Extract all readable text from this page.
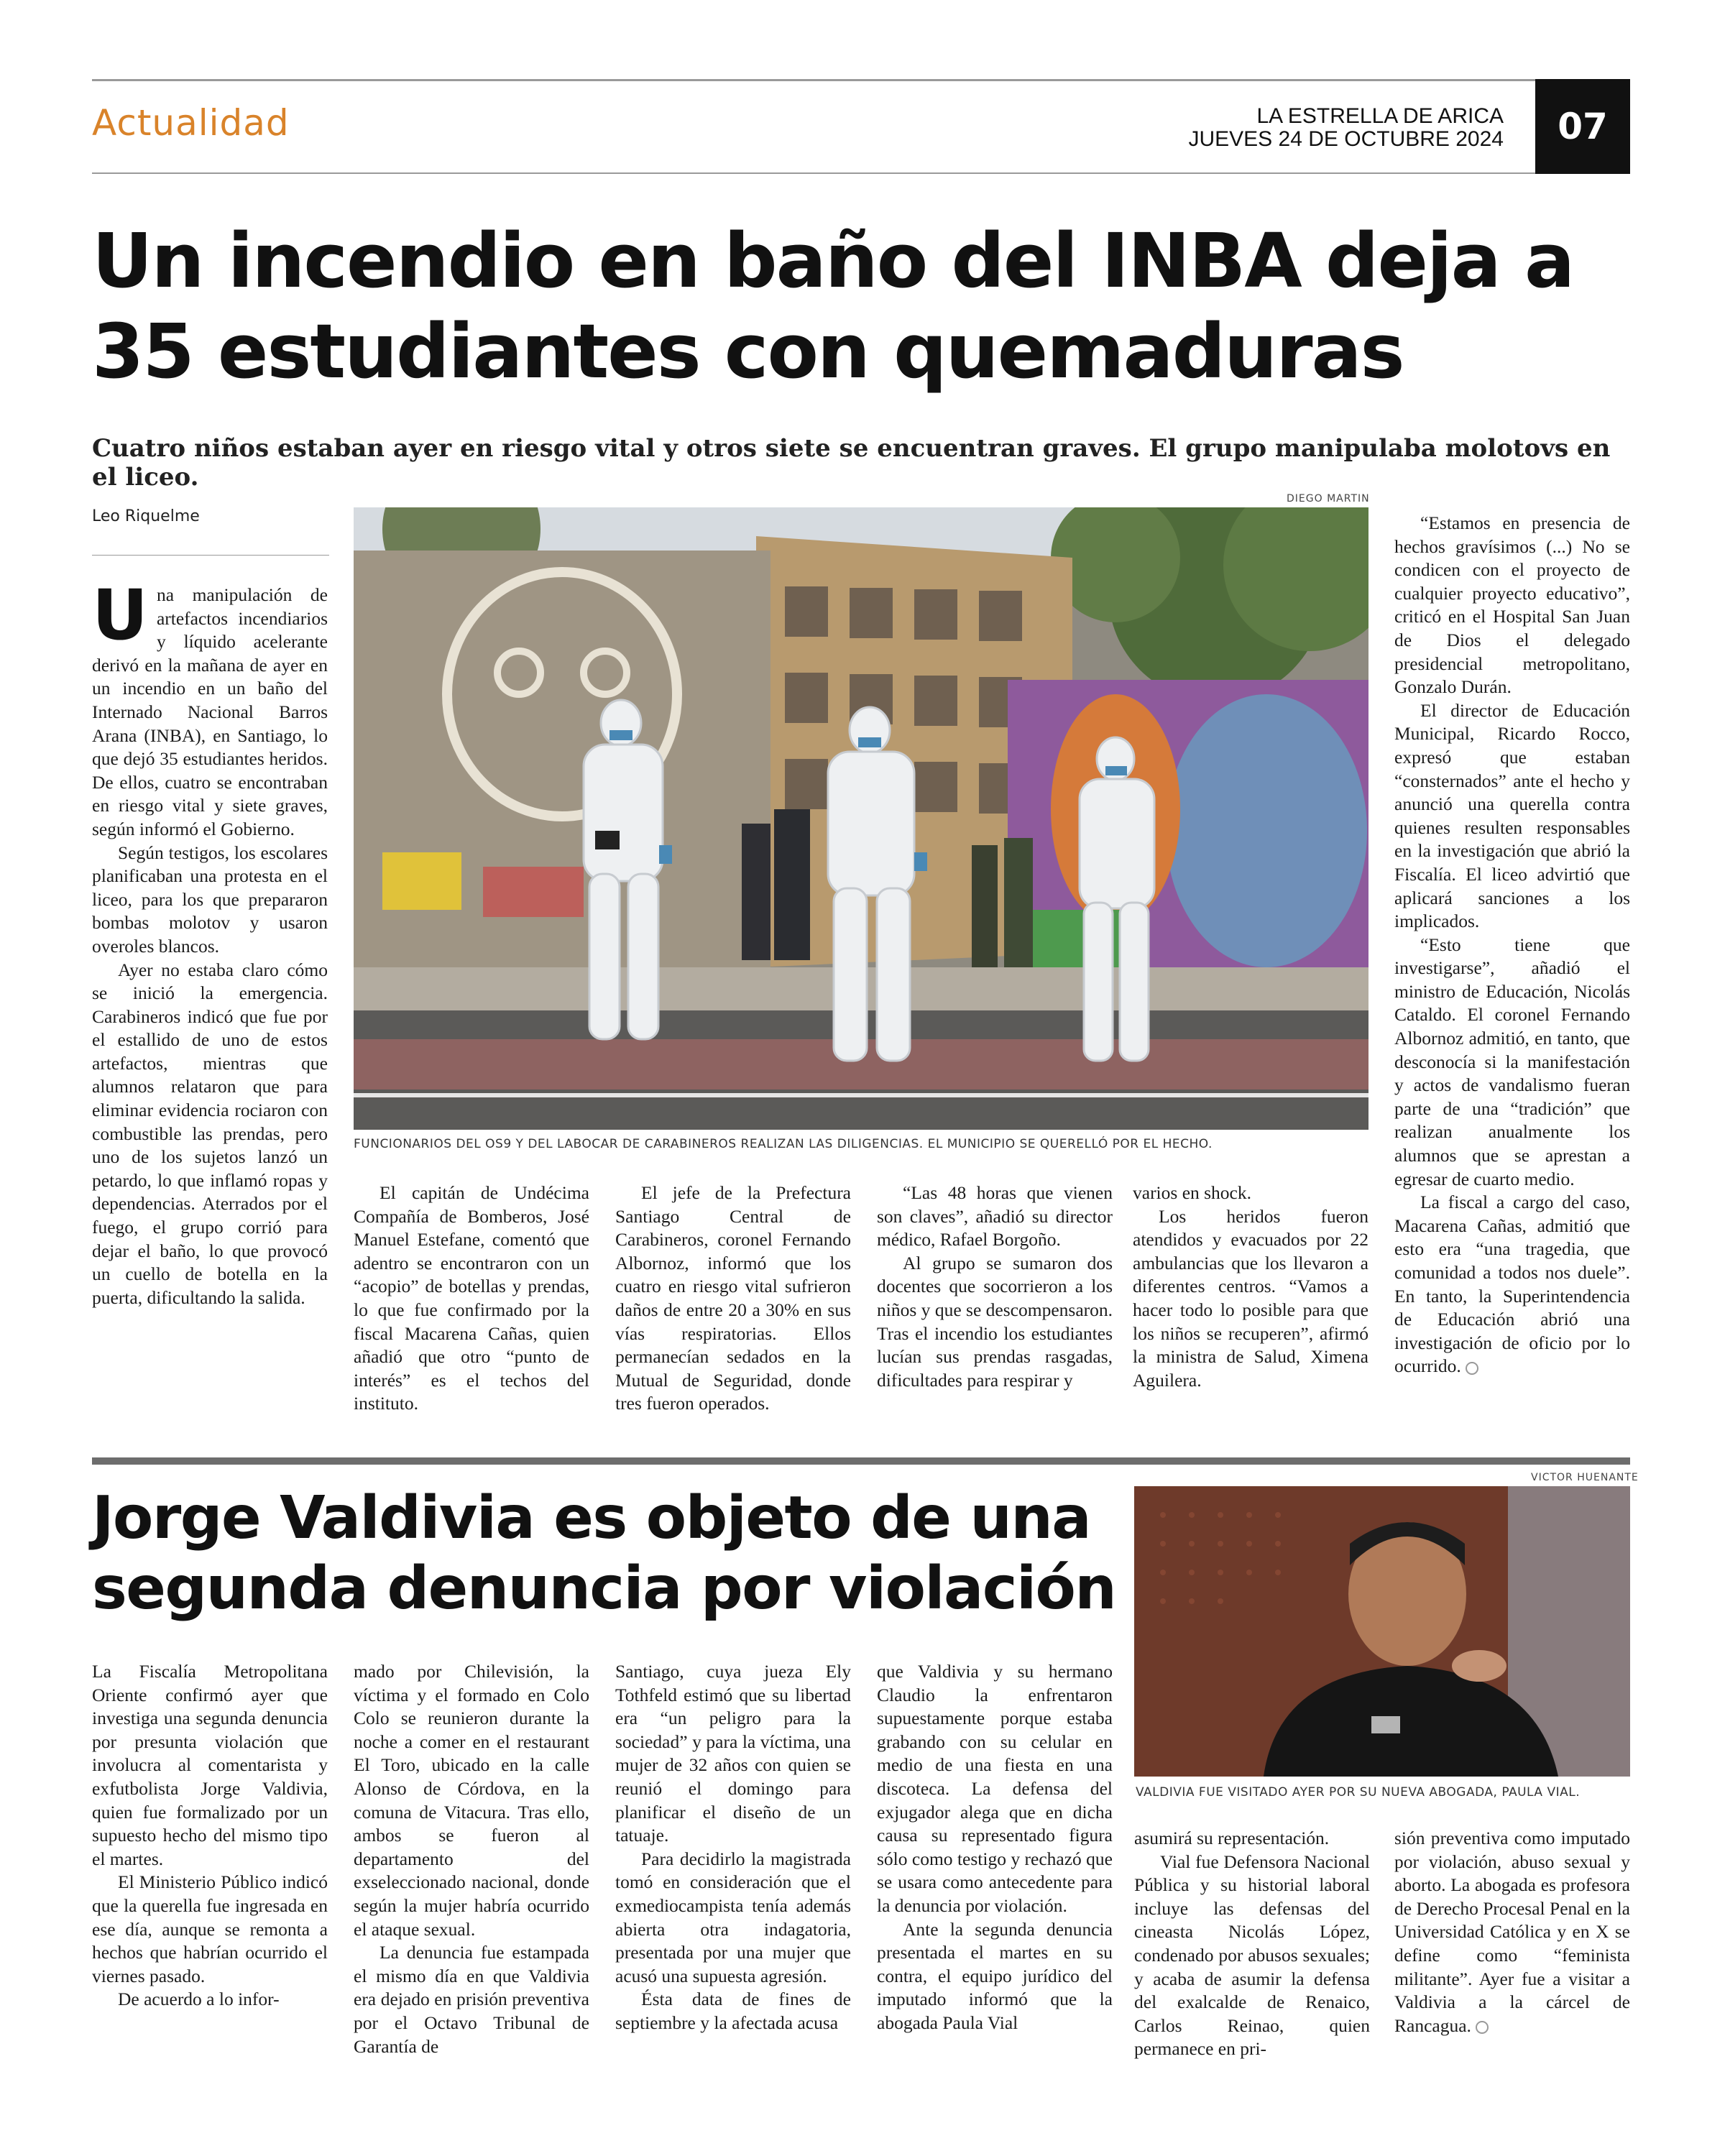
Actualidad	LA ESTRELLA DE ARICA
JUEVES 24 DE OCTUBRE 2024	07
Un incendio en baño del INBA deja a
35 estudiantes con quemaduras
Cuatro niños estaban ayer en riesgo vital y otros siete se encuentran graves. El grupo manipulaba molotovs en el liceo.
Leo Riquelme
DIEGO MARTIN
FUNCIONARIOS DEL OS9 Y DEL LABOCAR DE CARABINEROS REALIZAN LAS DILIGENCIAS. EL MUNICIPIO SE QUERELLÓ POR EL HECHO.
U na manipulación de artefactos incendiarios y líquido acelerante derivó en la mañana de ayer en un incendio en un baño del Internado Nacional Barros Arana (INBA), en Santiago, lo que dejó 35 estudiantes heridos. De ellos, cuatro se encontraban en riesgo vital y siete graves, según informó el Gobierno.

Según testigos, los escolares planificaban una protesta en el liceo, para los que prepararon bombas molotov y usaron overoles blancos.

Ayer no estaba claro cómo se inició la emergencia. Carabineros indicó que fue por el estallido de uno de estos artefactos, mientras que alumnos relataron que para eliminar evidencia rociaron con combustible las prendas, pero uno de los sujetos lanzó un petardo, lo que inflamó ropas y dependencias. Aterrados por el fuego, el grupo corrió para dejar el baño, lo que provocó un cuello de botella en la puerta, dificultando la salida.

El capitán de Undécima Compañía de Bomberos, José Manuel Estefane, comentó que adentro se encontraron con un “acopio” de botellas y prendas, lo que fue confirmado por la fiscal Macarena Cañas, quien añadió que otro “punto de interés” es el techos del instituto.

El jefe de la Prefectura Santiago Central de Carabineros, coronel Fernando Albornoz, informó que los cuatro en riesgo vital sufrieron daños de entre 20 a 30% en sus vías respiratorias. Ellos permanecían sedados en la Mutual de Seguridad, donde tres fueron operados.

“Las 48 horas que vienen son claves”, añadió su director médico, Rafael Borgoño.

Al grupo se sumaron dos docentes que socorrieron a los niños y que se descompensaron. Tras el incendio los estudiantes lucían sus prendas rasgadas, dificultades para respirar y

varios en shock.

Los heridos fueron atendidos y evacuados por 22 ambulancias que los llevaron a diferentes centros. “Vamos a hacer todo lo posible para que los niños se recuperen”, afirmó la ministra de Salud, Ximena Aguilera.

“Estamos en presencia de hechos gravísimos (...) No se condicen con el proyecto de cualquier proyecto educativo”, criticó en el Hospital San Juan de Dios el delegado presidencial metropolitano, Gonzalo Durán.

El director de Educación Municipal, Ricardo Rocco, expresó que estaban “consternados” ante el hecho y anunció una querella contra quienes resulten responsables en la investigación que abrió la Fiscalía. El liceo advirtió que aplicará sanciones a los implicados.

“Esto tiene que investigarse”, añadió el ministro de Educación, Nicolás Cataldo. El coronel Fernando Albornoz admitió, en tanto, que desconocía si la manifestación y actos de vandalismo fueran parte de una “tradición” que realizan anualmente los alumnos que se aprestan a egresar de cuarto medio.

La fiscal a cargo del caso, Macarena Cañas, admitió que esto era “una tragedia, que comunidad a todos nos duele”. En tanto, la Superintendencia de Educación abrió una investigación de oficio por lo ocurrido.

Jorge Valdivia es objeto de una
segunda denuncia por violación
VICTOR HUENANTE
VALDIVIA FUE VISITADO AYER POR SU NUEVA ABOGADA, PAULA VIAL.

La Fiscalía Metropolitana Oriente confirmó ayer que investiga una segunda denuncia por presunta violación que involucra al comentarista y exfutbolista Jorge Valdivia, quien fue formalizado por un supuesto hecho del mismo tipo el martes.

El Ministerio Público indicó que la querella fue ingresada en ese día, aunque se remonta a hechos que habrían ocurrido el viernes pasado.

De acuerdo a lo infor-

mado por Chilevisión, la víctima y el formado en Colo Colo se reunieron durante la noche a comer en el restaurant El Toro, ubicado en la calle Alonso de Córdova, en la comuna de Vitacura. Tras ello, ambos se fueron al departamento del exseleccionado nacional, donde según la mujer habría ocurrido el ataque sexual.

La denuncia fue estampada el mismo día en que Valdivia era dejado en prisión preventiva por el Octavo Tribunal de Garantía de

Santiago, cuya jueza Ely Tothfeld estimó que su libertad era “un peligro para la sociedad” y para la víctima, una mujer de 32 años con quien se reunió el domingo para planificar el diseño de un tatuaje.

Para decidirlo la magistrada tomó en consideración que el exmediocampista tenía además abierta otra indagatoria, presentada por una mujer que acusó una supuesta agresión.

Ésta data de fines de septiembre y la afectada acusa

que Valdivia y su hermano Claudio la enfrentaron supuestamente porque estaba grabando con su celular en medio de una fiesta en una discoteca. La defensa del exjugador alega que en dicha causa su representado figura sólo como testigo y rechazó que se usara como antecedente para la denuncia por violación.

Ante la segunda denuncia presentada el martes en su contra, el equipo jurídico del imputado informó que la abogada Paula Vial

asumirá su representación.

Vial fue Defensora Nacional Pública y su historial laboral incluye las defensas del cineasta Nicolás López, condenado por abusos sexuales; y acaba de asumir la defensa del exalcalde de Renaico, Carlos Reinao, quien permanece en pri-

sión preventiva como imputado por violación, abuso sexual y aborto. La abogada es profesora de Derecho Procesal Penal en la Universidad Católica y en X se define como “feminista militante”. Ayer fue a visitar a Valdivia a la cárcel de Rancagua.
